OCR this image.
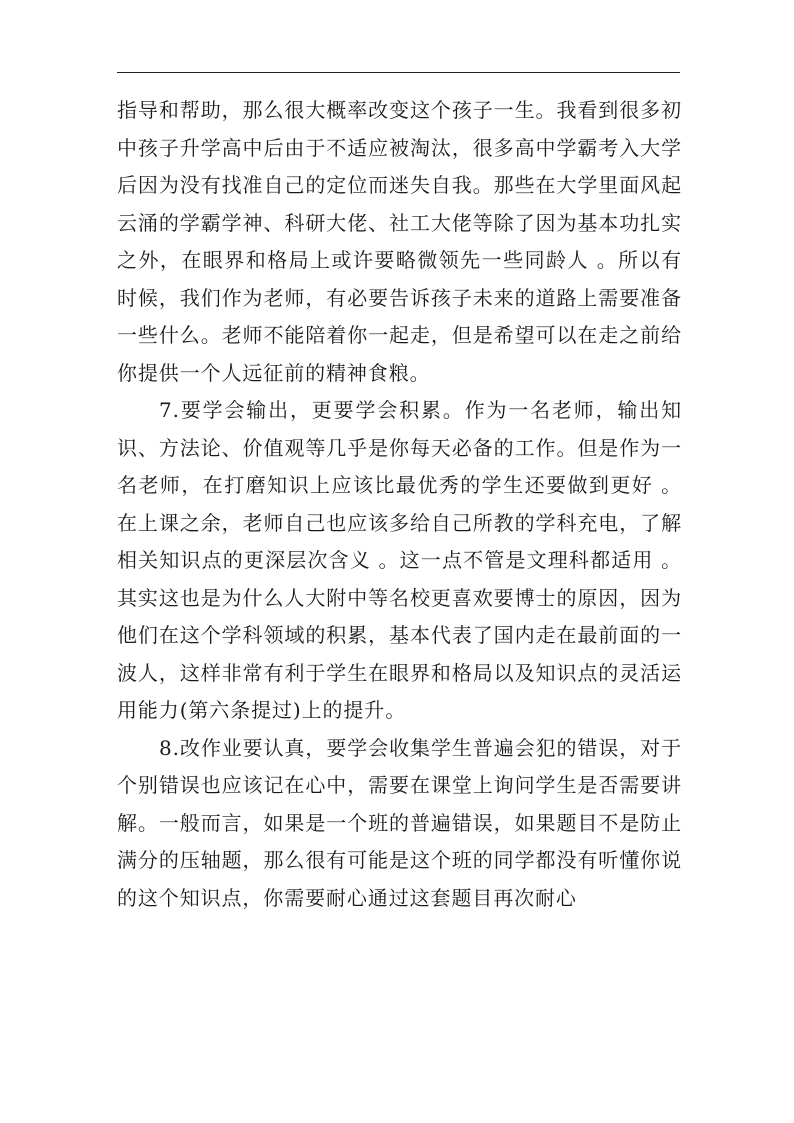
指导和帮助，那么很大概率改变这个孩子一生。我看到很多初中孩子升学高中后由于不适应被淘汰，很多高中学霸考入大学后因为没有找准自己的定位而迷失自我。那些在大学里面风起云涌的学霸学神、科研大佬、社工大佬等除了因为基本功扎实之外，在眼界和格局上或许要略微领先一些同龄人 。所以有时候，我们作为老师，有必要告诉孩子未来的道路上需要准备一些什么。老师不能陪着你一起走，但是希望可以在走之前给你提供一个人远征前的精神食粮。

7.要学会输出，更要学会积累。作为一名老师，输出知识、方法论、价值观等几乎是你每天必备的工作。但是作为一名老师，在打磨知识上应该比最优秀的学生还要做到更好 。在上课之余，老师自己也应该多给自己所教的学科充电，了解相关知识点的更深层次含义 。这一点不管是文理科都适用 。其实这也是为什么人大附中等名校更喜欢要博士的原因，因为他们在这个学科领域的积累，基本代表了国内走在最前面的一波人，这样非常有利于学生在眼界和格局以及知识点的灵活运用能力(第六条提过)上的提升。

8.改作业要认真，要学会收集学生普遍会犯的错误，对于个别错误也应该记在心中，需要在课堂上询问学生是否需要讲解。一般而言，如果是一个班的普遍错误，如果题目不是防止满分的压轴题，那么很有可能是这个班的同学都没有听懂你说的这个知识点，你需要耐心通过这套题目再次耐心
